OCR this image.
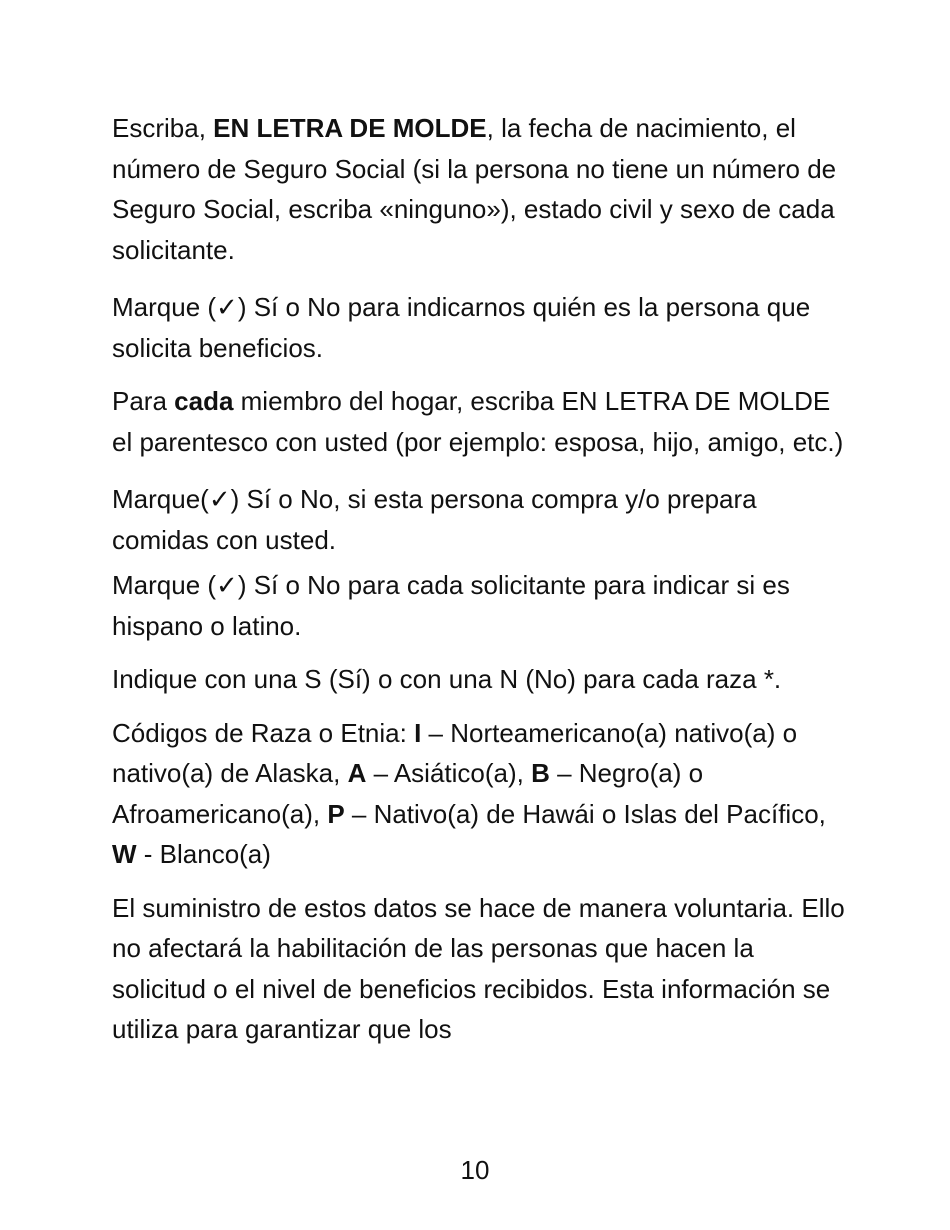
Escriba, EN LETRA DE MOLDE, la fecha de nacimiento, el número de Seguro Social (si la persona no tiene un número de Seguro Social, escriba «ninguno»), estado civil y sexo de cada solicitante.

Marque (✓) Sí o No para indicarnos quién es la persona que solicita beneficios.

Para cada miembro del hogar, escriba EN LETRA DE MOLDE el parentesco con usted (por ejemplo: esposa, hijo, amigo, etc.)

Marque(✓) Sí o No, si esta persona compra y/o prepara comidas con usted.

Marque (✓) Sí o No para cada solicitante para indicar si es hispano o latino.

Indique con una S (Sí) o con una N (No) para cada raza *.

Códigos de Raza o Etnia: I – Norteamericano(a) nativo(a) o nativo(a) de Alaska, A – Asiático(a), B – Negro(a) o Afroamericano(a), P – Nativo(a) de Hawái o Islas del Pacífico, W - Blanco(a)

El suministro de estos datos se hace de manera voluntaria. Ello no afectará la habilitación de las personas que hacen la solicitud o el nivel de beneficios recibidos. Esta información se utiliza para garantizar que los

10
